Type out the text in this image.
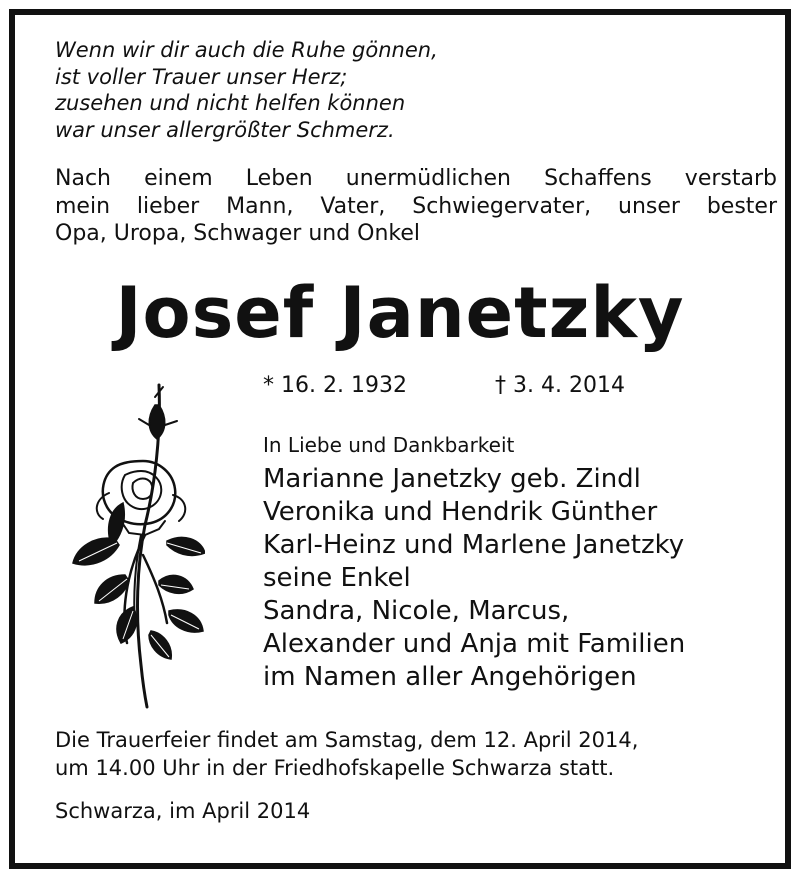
Wenn wir dir auch die Ruhe gönnen,
ist voller Trauer unser Herz;
zusehen und nicht helfen können
war unser allergrößter Schmerz.
Nach einem Leben unermüdlichen Schaffens verstarb
mein lieber Mann, Vater, Schwiegervater, unser bester
Opa, Uropa, Schwager und Onkel
Josef Janetzky
* 16. 2. 1932	† 3. 4. 2014
In Liebe und Dankbarkeit
Marianne Janetzky geb. Zindl
Veronika und Hendrik Günther
Karl-Heinz und Marlene Janetzky
seine Enkel
Sandra, Nicole, Marcus,
Alexander und Anja mit Familien
im Namen aller Angehörigen
Die Trauerfeier findet am Samstag, dem 12. April 2014,
um 14.00 Uhr in der Friedhofskapelle Schwarza statt.
Schwarza, im April 2014
